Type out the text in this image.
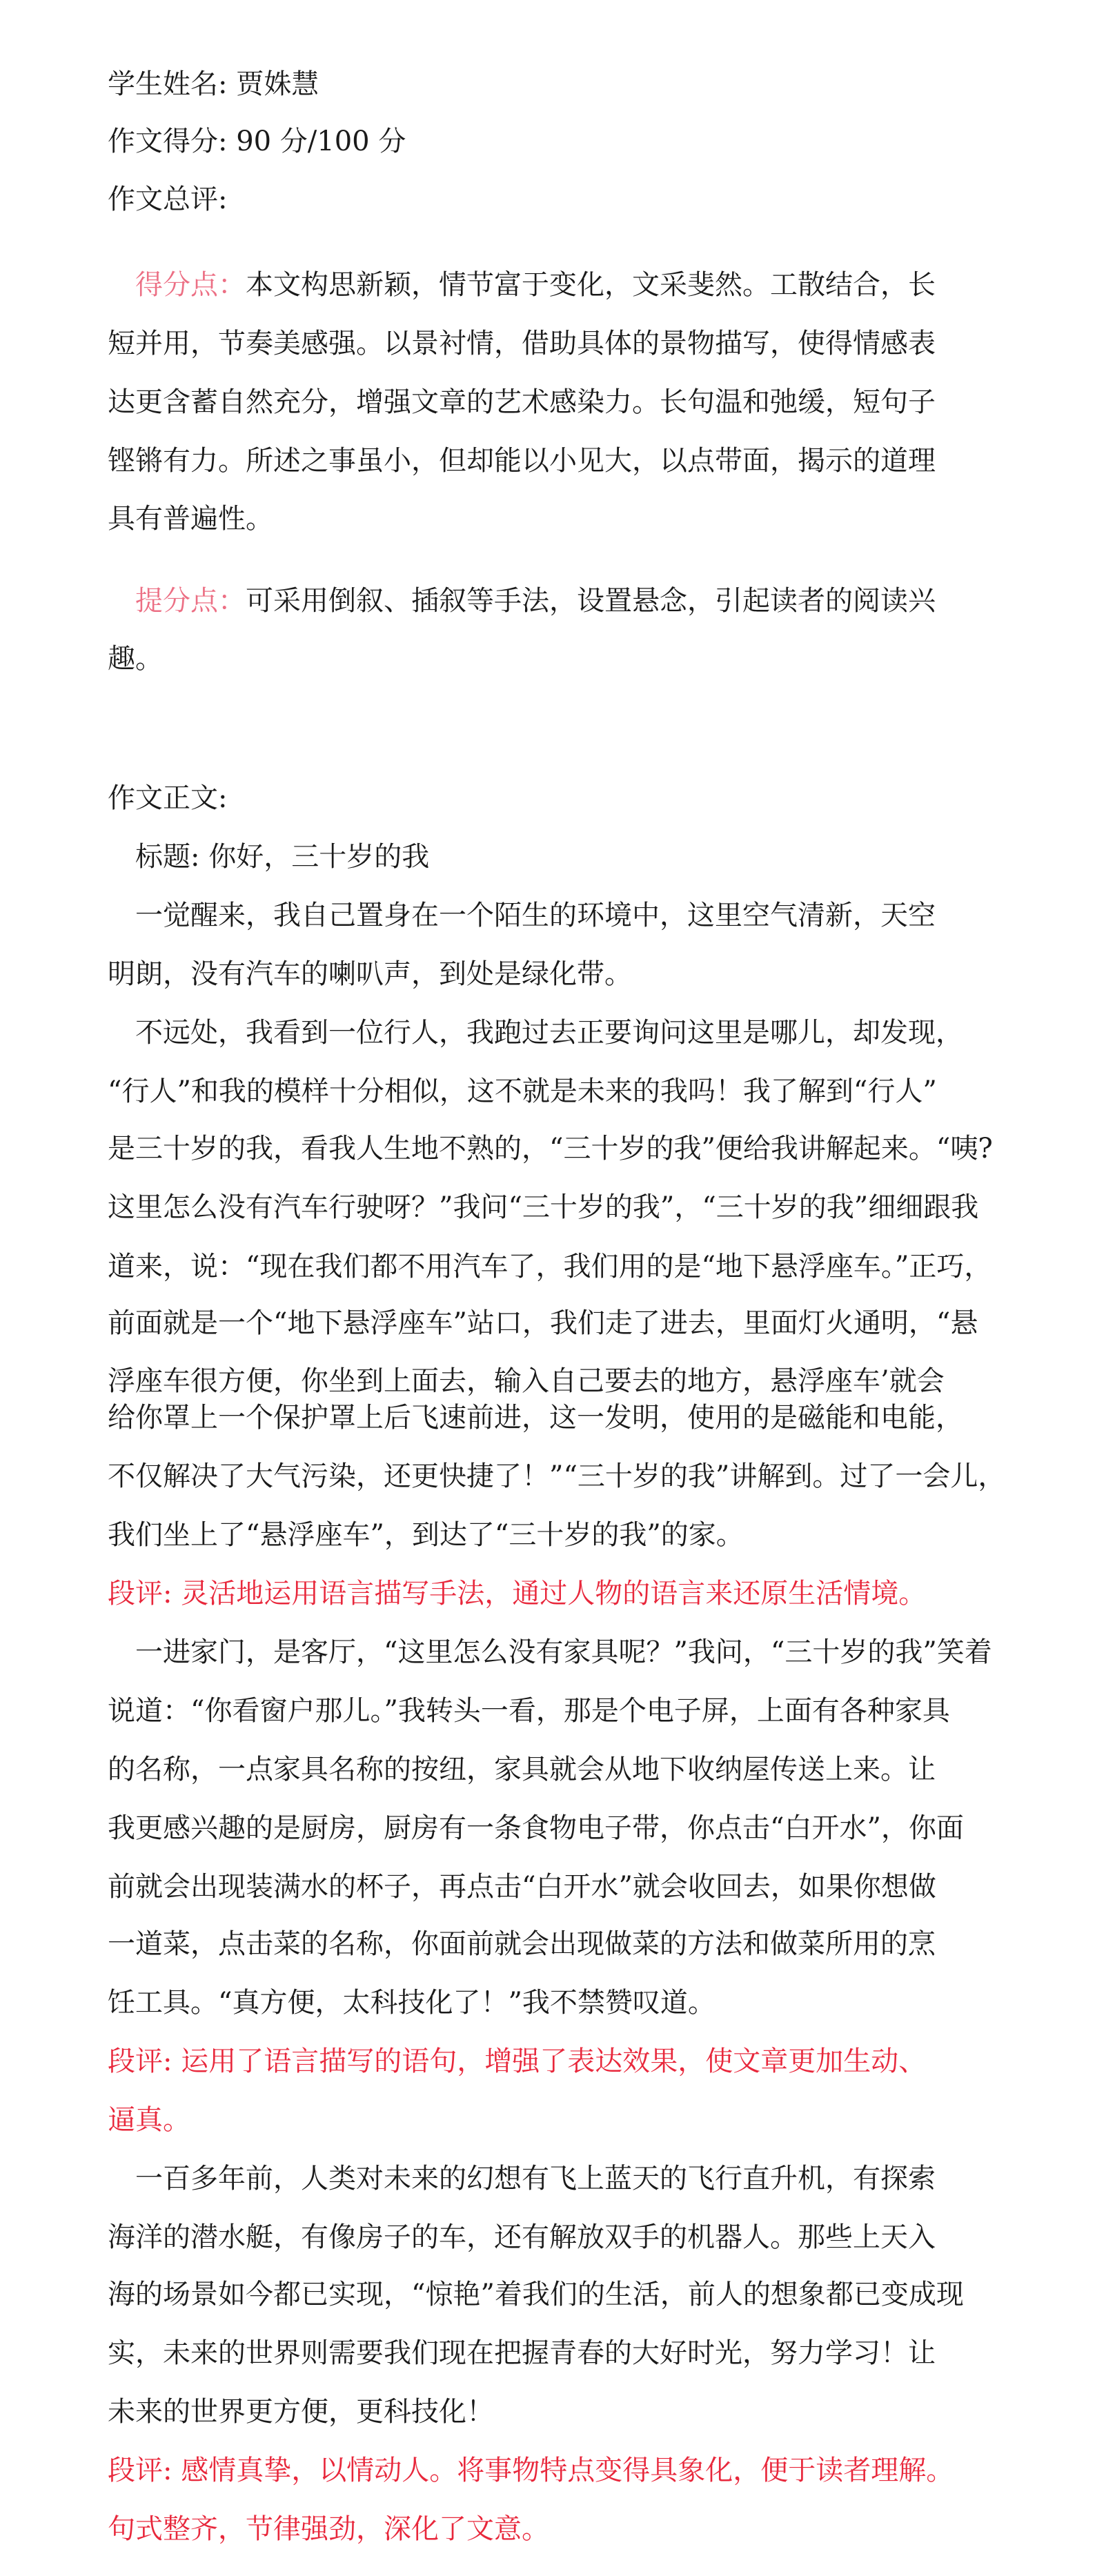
学生姓名: 贾姝慧
作文得分: 90 分/100 分
作文总评:
得分点：本文构思新颖，情节富于变化，文采斐然。工散结合，长
短并用，节奏美感强。以景衬情，借助具体的景物描写，使得情感表
达更含蓄自然充分，增强文章的艺术感染力。长句温和弛缓，短句子
铿锵有力。所述之事虽小，但却能以小见大，以点带面，揭示的道理
具有普遍性。
提分点：可采用倒叙、插叙等手法，设置悬念，引起读者的阅读兴
趣。
作文正文:
标题: 你好，三十岁的我
一觉醒来，我自己置身在一个陌生的环境中，这里空气清新，天空
明朗，没有汽车的喇叭声，到处是绿化带。
不远处，我看到一位行人，我跑过去正要询问这里是哪儿，却发现，
“行人”和我的模样十分相似，这不就是未来的我吗！我了解到“行人”
是三十岁的我，看我人生地不熟的，“三十岁的我”便给我讲解起来。“咦?
这里怎么没有汽车行驶呀？”我问“三十岁的我”，“三十岁的我”细细跟我
道来，说：“现在我们都不用汽车了，我们用的是“地下悬浮座车。”正巧，
前面就是一个“地下悬浮座车”站口，我们走了进去，里面灯火通明，“悬
浮座车很方便，你坐到上面去，输入自己要去的地方，悬浮座车’就会
给你罩上一个保护罩上后飞速前进，这一发明，使用的是磁能和电能，
不仅解决了大气污染，还更快捷了！”“三十岁的我”讲解到。过了一会儿，
我们坐上了“悬浮座车”，到达了“三十岁的我”的家。
段评: 灵活地运用语言描写手法，通过人物的语言来还原生活情境。
一进家门，是客厅，“这里怎么没有家具呢？”我问，“三十岁的我”笑着
说道：“你看窗户那儿。”我转头一看，那是个电子屏，上面有各种家具
的名称，一点家具名称的按纽，家具就会从地下收纳屋传送上来。让
我更感兴趣的是厨房，厨房有一条食物电子带，你点击“白开水”，你面
前就会出现装满水的杯子，再点击“白开水”就会收回去，如果你想做
一道菜，点击菜的名称，你面前就会出现做菜的方法和做菜所用的烹
饪工具。“真方便，太科技化了！”我不禁赞叹道。
段评: 运用了语言描写的语句，增强了表达效果，使文章更加生动、
逼真。
一百多年前，人类对未来的幻想有飞上蓝天的飞行直升机，有探索
海洋的潜水艇，有像房子的车，还有解放双手的机器人。那些上天入
海的场景如今都已实现，“惊艳”着我们的生活，前人的想象都已变成现
实，未来的世界则需要我们现在把握青春的大好时光，努力学习！让
未来的世界更方便，更科技化！
段评: 感情真挚，以情动人。将事物特点变得具象化，便于读者理解。
句式整齐，节律强劲，深化了文意。
